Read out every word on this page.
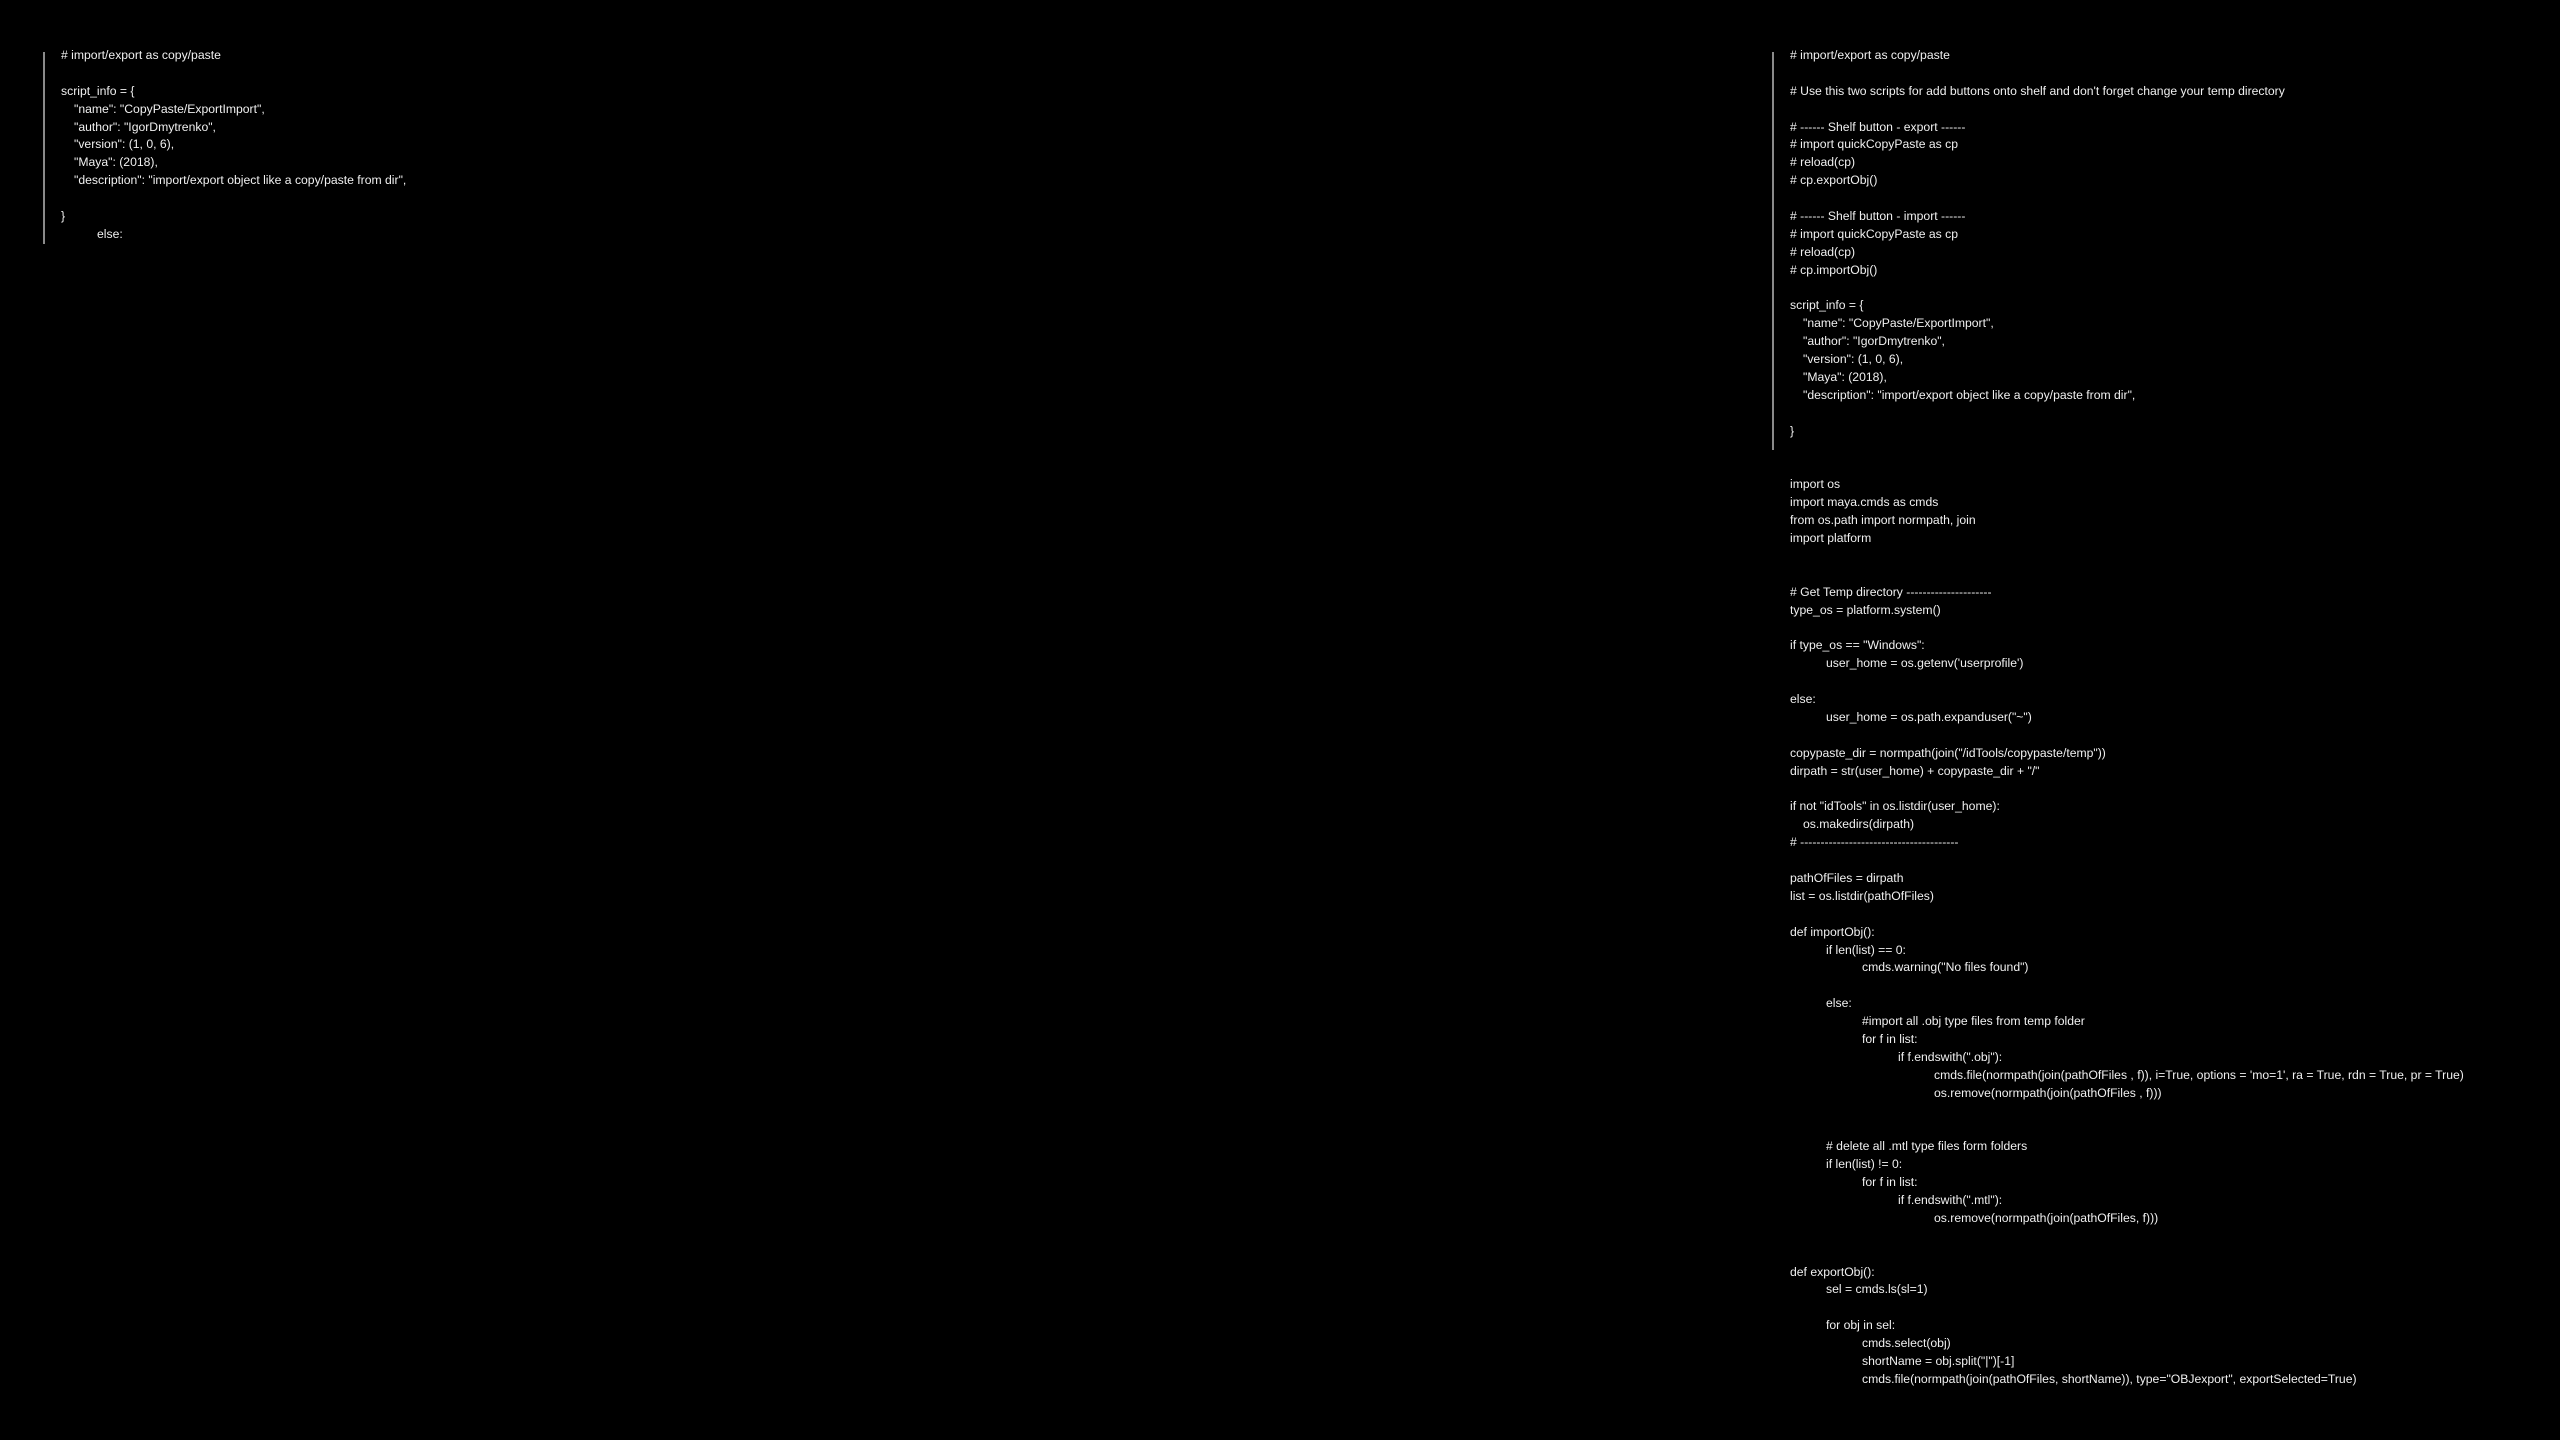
# import/export as copy/paste
script_info = {
"name": "CopyPaste/ExportImport",
"author": "IgorDmytrenko",
"version": (1, 0, 6),
"Maya": (2018),
"description": "import/export object like a copy/paste from dir",
}
else:
# import/export as copy/paste
# Use this two scripts for add buttons onto shelf and don't forget change your temp directory
# ------ Shelf button - export ------
# import quickCopyPaste as cp
# reload(cp)
# cp.exportObj()
# ------ Shelf button - import ------
# import quickCopyPaste as cp
# reload(cp)
# cp.importObj()
script_info = {
"name": "CopyPaste/ExportImport",
"author": "IgorDmytrenko",
"version": (1, 0, 6),
"Maya": (2018),
"description": "import/export object like a copy/paste from dir",
}
import os
import maya.cmds as cmds
from os.path import normpath, join
import platform
# Get Temp directory ---------------------
type_os = platform.system()
if type_os == "Windows":
user_home = os.getenv('userprofile')
else:
user_home = os.path.expanduser("~")
copypaste_dir = normpath(join("/idTools/copypaste/temp"))
dirpath = str(user_home) + copypaste_dir + "/"
if not "idTools" in os.listdir(user_home):
os.makedirs(dirpath)
# ---------------------------------------
pathOfFiles = dirpath
list = os.listdir(pathOfFiles)
def importObj():
if len(list) == 0:
cmds.warning("No files found")
else:
#import all .obj type files from temp folder
for f in list:
if f.endswith(".obj"):
cmds.file(normpath(join(pathOfFiles , f)), i=True, options = 'mo=1', ra = True, rdn = True, pr = True)
os.remove(normpath(join(pathOfFiles , f)))
# delete all .mtl type files form folders
if len(list) != 0:
for f in list:
if f.endswith(".mtl"):
os.remove(normpath(join(pathOfFiles, f)))
def exportObj():
sel = cmds.ls(sl=1)
for obj in sel:
cmds.select(obj)
shortName = obj.split("|")[-1]
cmds.file(normpath(join(pathOfFiles, shortName)), type="OBJexport", exportSelected=True)
